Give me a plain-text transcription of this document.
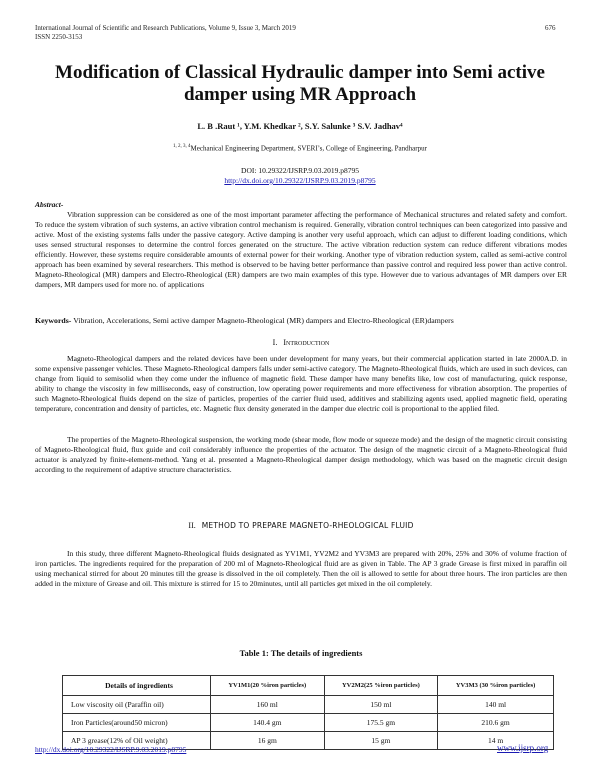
International Journal of Scientific and Research Publications, Volume 9, Issue 3, March 2019
ISSN 2250-3153
676
Modification of Classical Hydraulic damper into Semi active
damper using MR Approach
L. B .Raut ¹, Y.M. Khedkar ², S.Y. Salunke ³ S.V. Jadhav⁴
$^{1, 2, 3, 4}$Mechanical Engineering Department, SVERI’s, College of Engineering, Pandharpur
DOI: 10.29322/IJSRP.9.03.2019.p8795
http://dx.doi.org/10.29322/IJSRP.9.03.2019.p8795
Abstract-
Vibration suppression can be considered as one of the most important parameter affecting the performance of Mechanical structures and related safety and comfort. To reduce the system vibration of such systems, an active vibration control mechanism is required. Generally, vibration control techniques can been categorized into passive and active. Most of the existing systems falls under the passive category. Active damping is another very useful approach, which can adjust to different loading conditions, which uses sensed structural responses to determine the control forces generated on the structure. The active vibration reduction system can reduce different vibrations modes efficiently. However, these systems require considerable amounts of external power for their working. Another type of vibration reduction system, called as semi-active control approach has been examined by several researchers. This method is observed to be having better performance than passive control and required less power than active control. Magneto-Rheological (MR) dampers and Electro-Rheological (ER) dampers are two main examples of this type. However due to various advantages of MR dampers over ER dampers, MR dampers used for more no. of applications
Keywords- Vibration, Accelerations, Semi active damper Magneto-Rheological (MR) dampers and Electro-Rheological (ER)dampers
I. Introduction
Magneto-Rheological dampers and the related devices have been under development for many years, but their commercial application started in late 2000A.D. in some expensive passenger vehicles. These Magneto-Rheological dampers falls under semi-active category. The Magneto-Rheological fluids, which are used in such devices, can change from liquid to semisolid when they come under the influence of magnetic field. These damper have many benefits like, low cost of manufacturing, quick response, ability to change the viscosity in few milliseconds, easy of construction, low operating power requirements and more effectiveness for vibration absorption. The properties of such Magneto-Rheological fluids depend on the size of particles, properties of the carrier fluid used, additives and stabilizing agents used, applied magnetic field, operating temperature, concentration and density of particles, etc. Magnetic flux density generated in the damper due electric coil is proportional to the applied filed.
The properties of the Magneto-Rheological suspension, the working mode (shear mode, flow mode or squeeze mode) and the design of the magnetic circuit consisting of Magneto-Rheological fluid, flux guide and coil considerably influence the properties of the actuator. The design of the magnetic circuit of a Magneto-Rheological fluid actuator is analyzed by finite-element-method. Yang et al. presented a Magneto-Rheological damper design methodology, which was based on the magnetic circuit design according to the requirement of adaptive structure characteristics.
II. METHOD TO PREPARE MAGNETO-RHEOLOGICAL FLUID
In this study, three different Magneto-Rheological fluids designated as YV1M1, YV2M2 and YV3M3 are prepared with 20%, 25% and 30% of volume fraction of iron particles. The ingredients required for the preparation of 200 ml of Magneto-Rheological fluid are as given in Table. The AP 3 grade Grease is first mixed in paraffin oil using mechanical stirred for about 20 minutes till the grease is dissolved in the oil completely. Then the oil is allowed to settle for about three hours. The iron particles are then added in the mixture of Grease and oil. This mixture is stirred for 15 to 20minutes, until all particles get mixed in the oil completely.
Table 1: The details of ingredients
Details of ingredients	YV1M1(20 %iron particles)	YV2M2(25 %iron particles)	YV3M3 (30 %iron particles)
Low viscosity oil (Paraffin oil)	160 ml	150 ml	140 ml
Iron Particles(around50 micron)	140.4 gm	175.5 gm	210.6 gm
AP 3 grease(12% of Oil weight)	16 gm	15 gm	14 m
http://dx.doi.org/10.29322/IJSRP.9.03.2019.p8795	www.ijsrp.org
